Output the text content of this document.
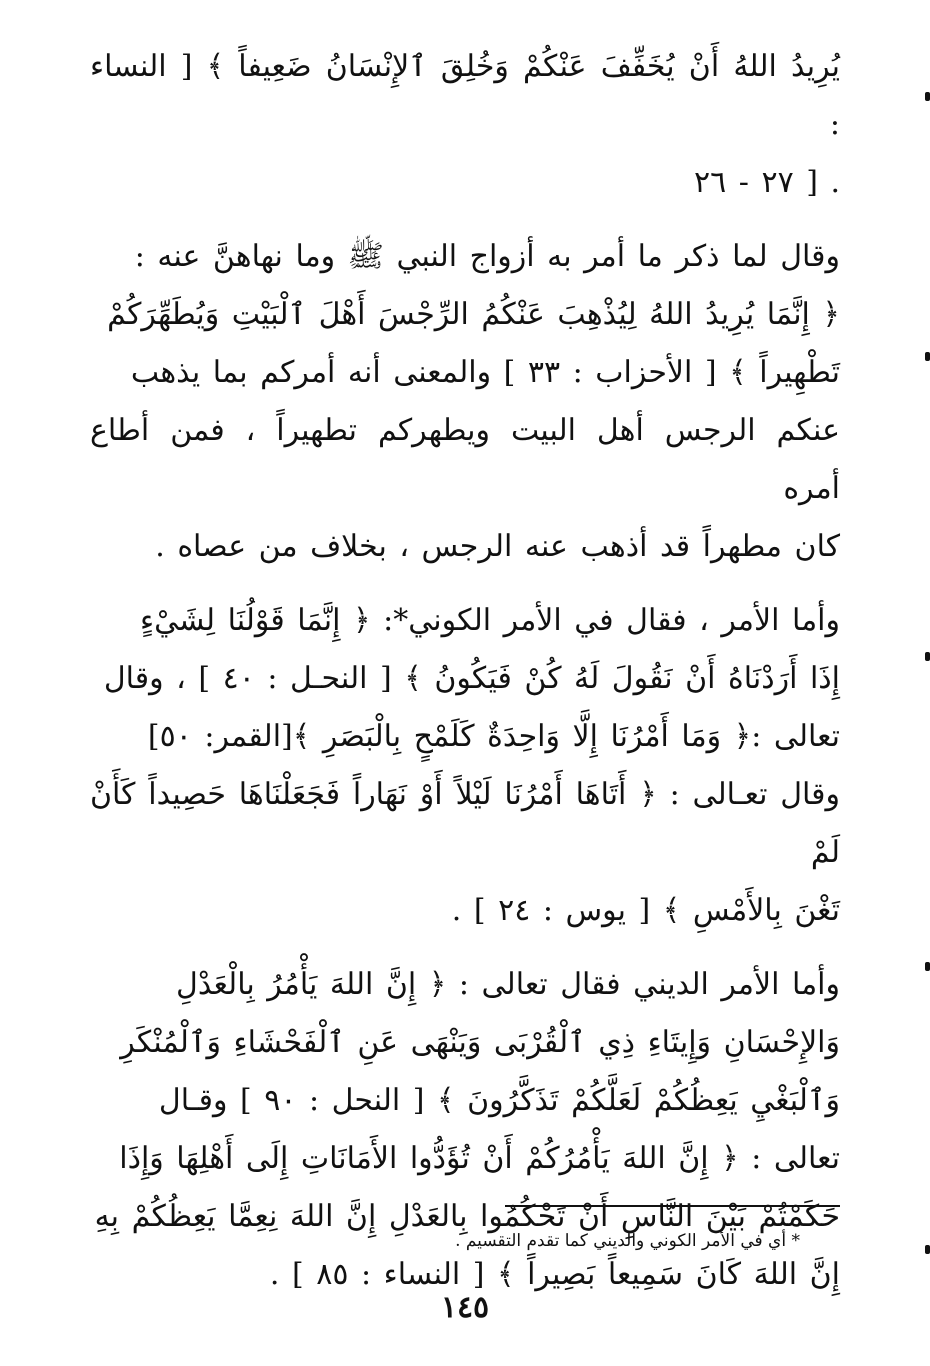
يُرِيدُ اللهُ أَنْ يُخَفِّفَ عَنْكُمْ وَخُلِقَ ٱلإِنْسَانُ ضَعِيفاً ﴾ [ النساء :

. [ ٢٧ - ٢٦

وقال لما ذكر ما أمر به أزواج النبي ﷺ وما نهاهنَّ عنه :

﴿ إِنَّمَا يُرِيدُ اللهُ لِيُذْهِبَ عَنْكُمُ الرِّجْسَ أَهْلَ ٱلْبَيْتِ وَيُطَهِّرَكُمْ

تَطْهِيراً ﴾ [ الأحزاب : ٣٣ ] والمعنى أنه أمركم بما يذهب

عنكم الرجس أهل البيت ويطهركم تطهيراً ، فمن أطاع أمره

كان مطهراً قد أذهب عنه الرجس ، بخلاف من عصاه .

وأما الأمر ، فقال في الأمر الكوني*: ﴿ إِنَّمَا قَوْلُنَا لِشَيْءٍ

إِذَا أَرَدْنَاهُ أَنْ نَقُولَ لَهُ كُنْ فَيَكُونُ ﴾ [ النحـل : ٤٠ ] ، وقال

تعالى :﴿ وَمَا أَمْرُنَا إِلَّا وَاحِدَةٌ كَلَمْحٍ بِالْبَصَرِ ﴾[القمر: ٥٠]

وقال تعـالى : ﴿ أَتَاهَا أَمْرُنَا لَيْلاً أَوْ نَهَاراً فَجَعَلْنَاهَا حَصِيداً كَأَنْ لَمْ

تَغْنَ بِالأَمْسِ ﴾ [ يوس : ٢٤ ] .

وأما الأمر الديني فقال تعالى : ﴿ إِنَّ اللهَ يَأْمُرُ بِالْعَدْلِ

وَالإِحْسَانِ وَإِيتَاءِ ذِي ٱلْقُرْبَى وَيَنْهَى عَنِ ٱلْفَحْشَاءِ وَٱلْمُنْكَرِ

وَٱلْبَغْيِ يَعِظُكُمْ لَعَلَّكُمْ تَذَكَّرُونَ ﴾ [ النحل : ٩٠ ] وقـال

تعالى : ﴿ إِنَّ اللهَ يَأْمُرُكُمْ أَنْ تُؤَدُّوا الأَمَانَاتِ إِلَى أَهْلِهَا وَإِذَا

حَكَمْتُمْ بَيْنَ النَّاسِ أَنْ تَحْكُمُوا بِالعَدْلِ إِنَّ اللهَ نِعِمَّا يَعِظُكُمْ بِهِ

إِنَّ اللهَ كَانَ سَمِيعاً بَصِيراً ﴾ [ النساء : ٨٥ ] .

* أي في الأمر الكوني والديني كما تقدم التقسيم .

١٤٥
